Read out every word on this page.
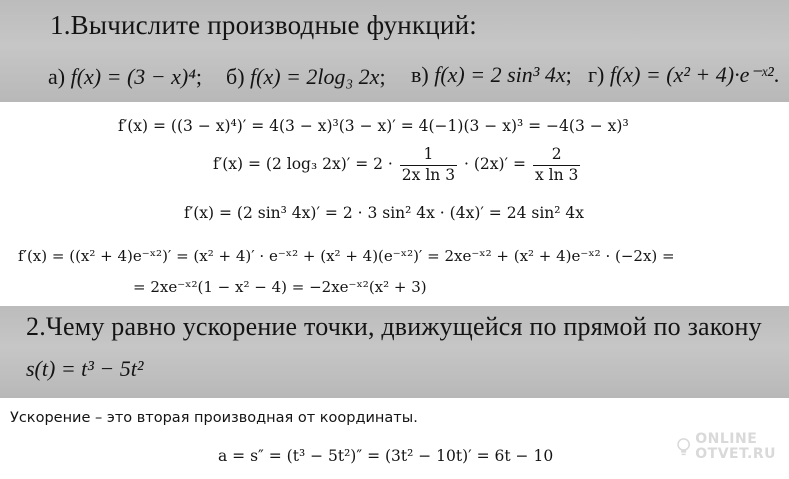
1.Вычислите производные функций:
а) f(x) = (3 − x)⁴; б) f(x) = 2log₃ 2x; в) f(x) = 2 sin³ 4x; г) f(x) = (x² + 4)·e⁻ˣ².
f′(x) = ((3 − x)⁴)′ = 4(3 − x)³(3 − x)′ = 4(−1)(3 − x)³ = −4(3 − x)³
f′(x) = (2 log₃ $2x)' = 2 \cdot \frac{1}{\text{2x ln 3}} \cdot (2x)' = \frac{2}{\text{x ln 3}}$
f′(x) = (2 sin³ 4x)′ = 2 · 3 sin² 4x · (4x)′ = 24 sin² 4x
f′(x) = ((x² + 4)e⁻ˣ²)′ = (x² + 4)′ · e⁻ˣ² + (x² + 4)(e⁻ˣ²)′ = 2xe⁻ˣ² + (x² + 4)e⁻ˣ² · (−2x) =
= 2xe⁻ˣ²(1 − x² − 4) = −2xe⁻ˣ²(x² + 3)
2.Чему равно ускорение точки, движущейся по прямой по закону
s(t) = t³ − 5t²
Ускорение – это вторая производная от координаты.
a = s″ = (t³ − 5t²)″ = (3t² − 10t)′ = 6t − 10
ONLINE
OTVET.RU
